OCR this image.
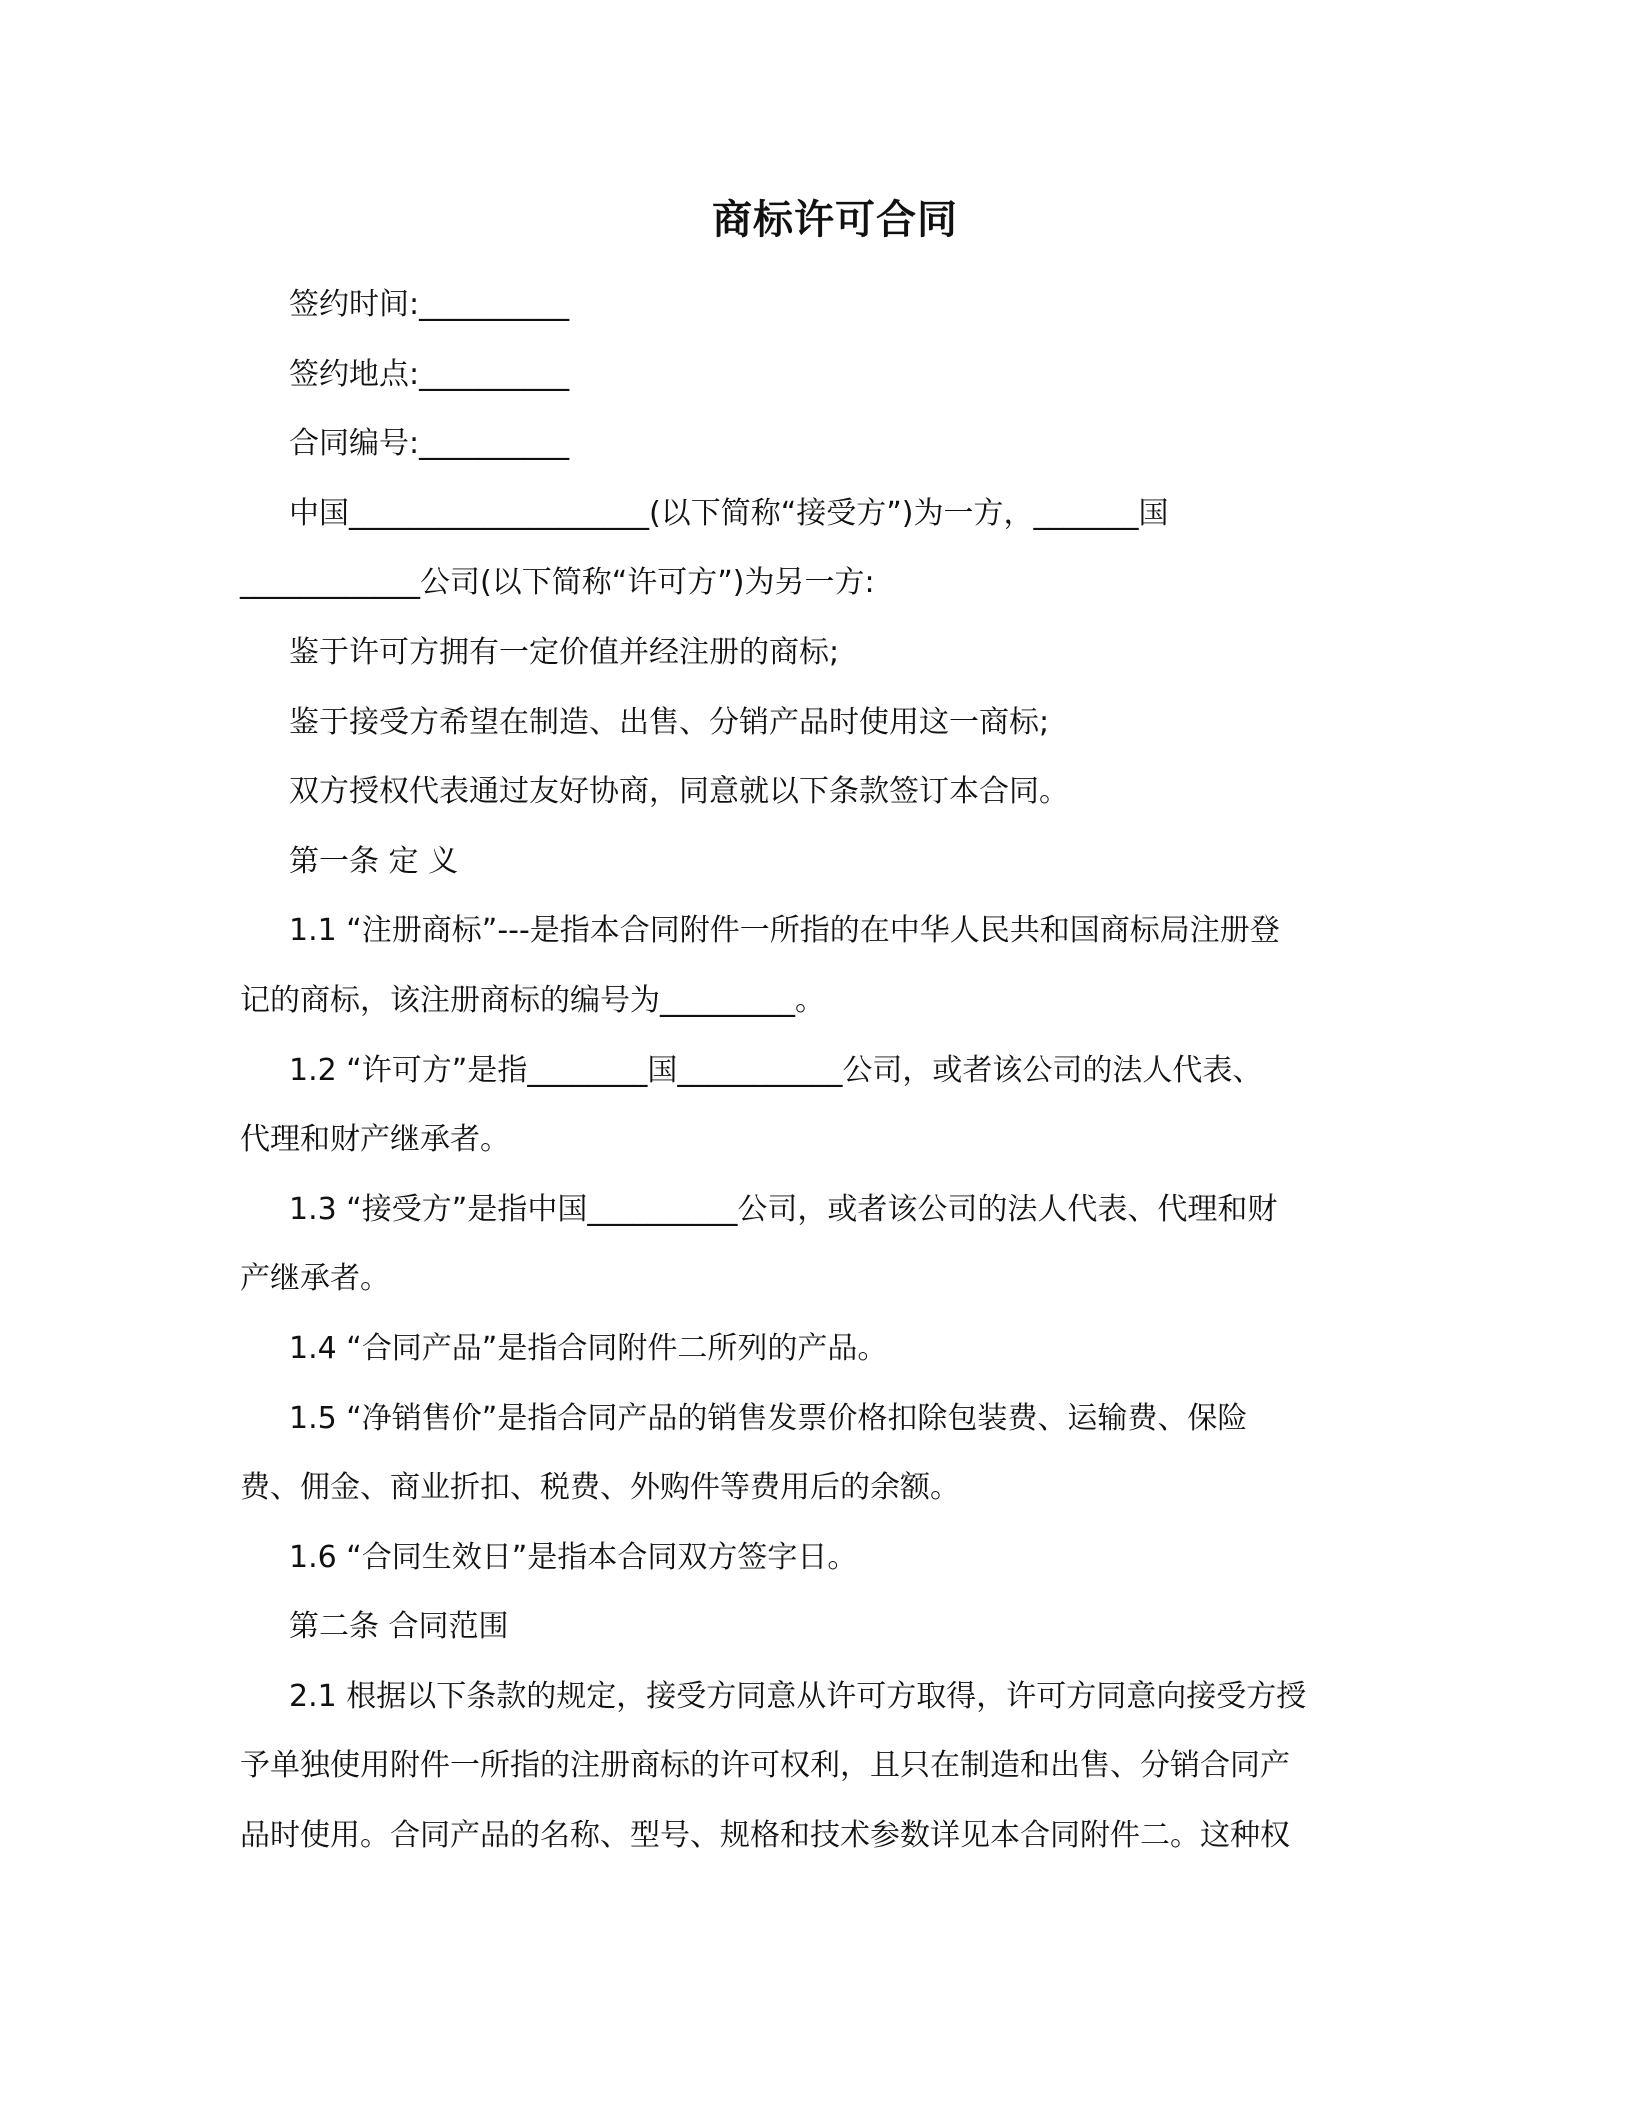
商标许可合同

签约时间:__________

签约地点:__________

合同编号:__________

中国____________________(以下简称“接受方”)为一方，_______国

____________公司(以下简称“许可方”)为另一方:

鉴于许可方拥有一定价值并经注册的商标;

鉴于接受方希望在制造、出售、分销产品时使用这一商标;

双方授权代表通过友好协商，同意就以下条款签订本合同。

第一条 定 义

1.1 “注册商标”---是指本合同附件一所指的在中华人民共和国商标局注册登

记的商标，该注册商标的编号为_________。

1.2 “许可方”是指________国___________公司，或者该公司的法人代表、

代理和财产继承者。

1.3 “接受方”是指中国__________公司，或者该公司的法人代表、代理和财

产继承者。

1.4 “合同产品”是指合同附件二所列的产品。

1.5 “净销售价”是指合同产品的销售发票价格扣除包装费、运输费、保险

费、佣金、商业折扣、税费、外购件等费用后的余额。

1.6 “合同生效日”是指本合同双方签字日。

第二条 合同范围

2.1 根据以下条款的规定，接受方同意从许可方取得，许可方同意向接受方授

予单独使用附件一所指的注册商标的许可权利，且只在制造和出售、分销合同产

品时使用。合同产品的名称、型号、规格和技术参数详见本合同附件二。这种权
